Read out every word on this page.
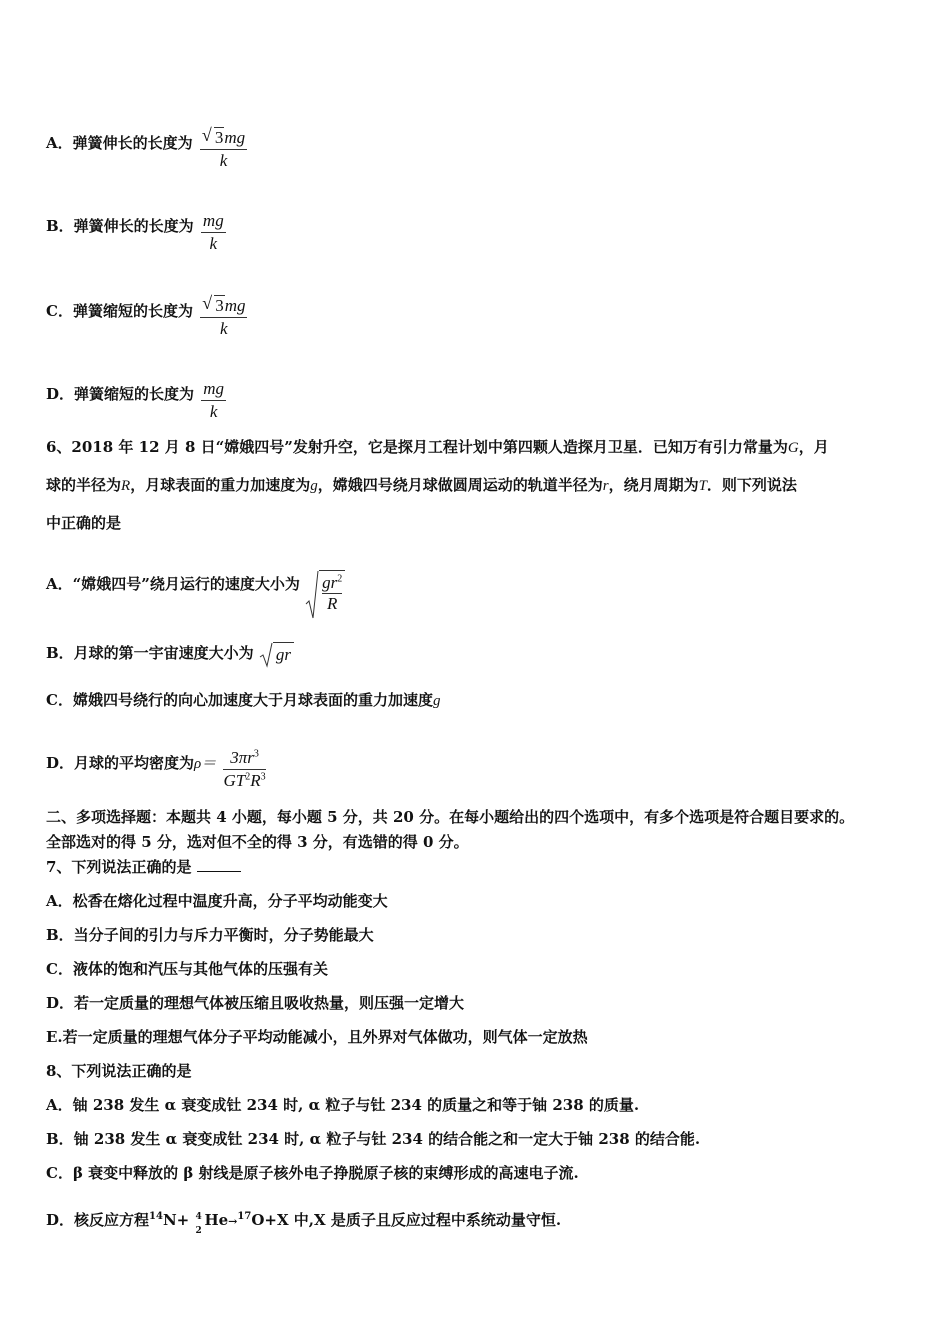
A．弹簧伸长的长度为 $\frac{√ 3mg}{k}$
B．弹簧伸长的长度为 $\frac{mg}{k}$
C．弹簧缩短的长度为 $\frac{√ 3mg}{k}$
D．弹簧缩短的长度为 $\frac{mg}{k}$
6、2018 年 12 月 8 日“嫦娥四号”发射升空，它是探月工程计划中第四颗人造探月卫星．已知万有引力常量为G，月
球的半径为R，月球表面的重力加速度为g，嫦娥四号绕月球做圆周运动的轨道半径为r，绕月周期为T．则下列说法
中正确的是
A．“嫦娥四号”绕月运行的速度大小为 $\frac{gr^2}{R}$
B．月球的第一宇宙速度大小为 gr
C．嫦娥四号绕行的向心加速度大于月球表面的重力加速度g
D．月球的平均密度为$\rho= \frac{3\pi r^3}{GT^2R^3}$
二、多项选择题：本题共 4 小题，每小题 5 分，共 20 分。在每小题给出的四个选项中，有多个选项是符合题目要求的。
全部选对的得 5 分，选对但不全的得 3 分，有选错的得 0 分。
7、下列说法正确的是
A．松香在熔化过程中温度升高，分子平均动能变大
B．当分子间的引力与斥力平衡时，分子势能最大
C．液体的饱和汽压与其他气体的压强有关
D．若一定质量的理想气体被压缩且吸收热量，则压强一定增大
E.若一定质量的理想气体分子平均动能减小，且外界对气体做功，则气体一定放热
8、下列说法正确的是
A．铀 238 发生 α 衰变成钍 234 时, α 粒子与钍 234 的质量之和等于铀 238 的质量.
B．铀 238 发生 α 衰变成钍 234 时, α 粒子与钍 234 的结合能之和一定大于铀 238 的结合能.
C．β 衰变中释放的 β 射线是原子核外电子挣脱原子核的束缚形成的高速电子流.
D．核反应方程$^{14}$N+ 4
2
He→$^{17}$O+X 中,X 是质子且反应过程中系统动量守恒.
